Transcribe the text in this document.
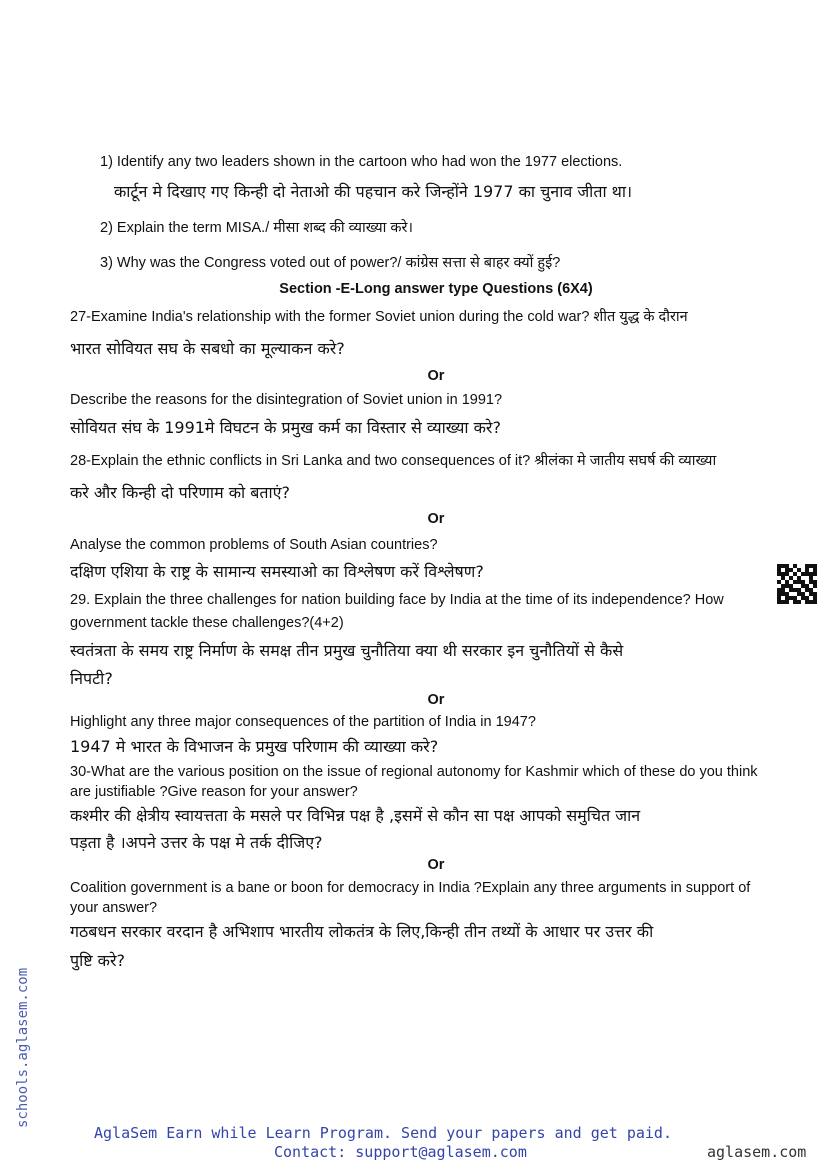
1) Identify any two leaders shown in the cartoon who had won the 1977 elections.
कार्टून मे दिखाए गए किन्ही दो नेताओ की पहचान करे जिन्होंने 1977 का चुनाव जीता था।
2) Explain the term MISA./ मीसा शब्द की व्याख्या करे।
3) Why was the Congress voted out of power?/ कांग्रेस सत्ता से बाहर क्यों हुई?
Section -E-Long answer type Questions (6X4)
27-Examine India's relationship with the former Soviet union during the cold war? शीत युद्ध के दौरान
भारत सोवियत सघ के सबधो का मूल्याकन करे?
Or
Describe the reasons for the disintegration of Soviet union in 1991?
सोवियत संघ के 1991मे विघटन के प्रमुख कर्म का विस्तार से व्याख्या करे?
28-Explain the ethnic conflicts in Sri Lanka and two consequences of it? श्रीलंका मे जातीय सघर्ष की व्याख्या
करे और किन्ही दो परिणाम को बताएं?
Or
Analyse the common problems of South Asian countries?
दक्षिण एशिया के राष्ट्र के सामान्य समस्याओ का विश्लेषण करें विश्लेषण?
29. Explain the three challenges for nation building face by India at the time of its independence? How
government tackle these challenges?(4+2)
स्वतंत्रता के समय राष्ट्र निर्माण के समक्ष तीन प्रमुख चुनौतिया क्या थी सरकार इन चुनौतियों से कैसे
निपटी?
Or
Highlight any three major consequences of the partition of India in 1947?
1947 मे भारत के विभाजन के प्रमुख परिणाम की व्याख्या करे?
30-What are the various position on the issue of regional autonomy for Kashmir which of these do you think
are justifiable ?Give reason for your answer?
कश्मीर की क्षेत्रीय स्वायत्तता के मसले पर विभिन्न पक्ष है ,इसमें से कौन सा पक्ष आपको समुचित जान
पड़ता है ।अपने उत्तर के पक्ष मे तर्क दीजिए?
Or
Coalition government is a bane or boon for democracy in India ?Explain any three arguments in support of
your answer?
गठबधन सरकार वरदान है अभिशाप भारतीय लोकतंत्र के लिए,किन्ही तीन तथ्यों के आधार पर उत्तर की
पुष्टि करे?
schools.aglasem.com
AglaSem Earn while Learn Program. Send your papers and get paid.
Contact: support@aglasem.com	aglasem.com
